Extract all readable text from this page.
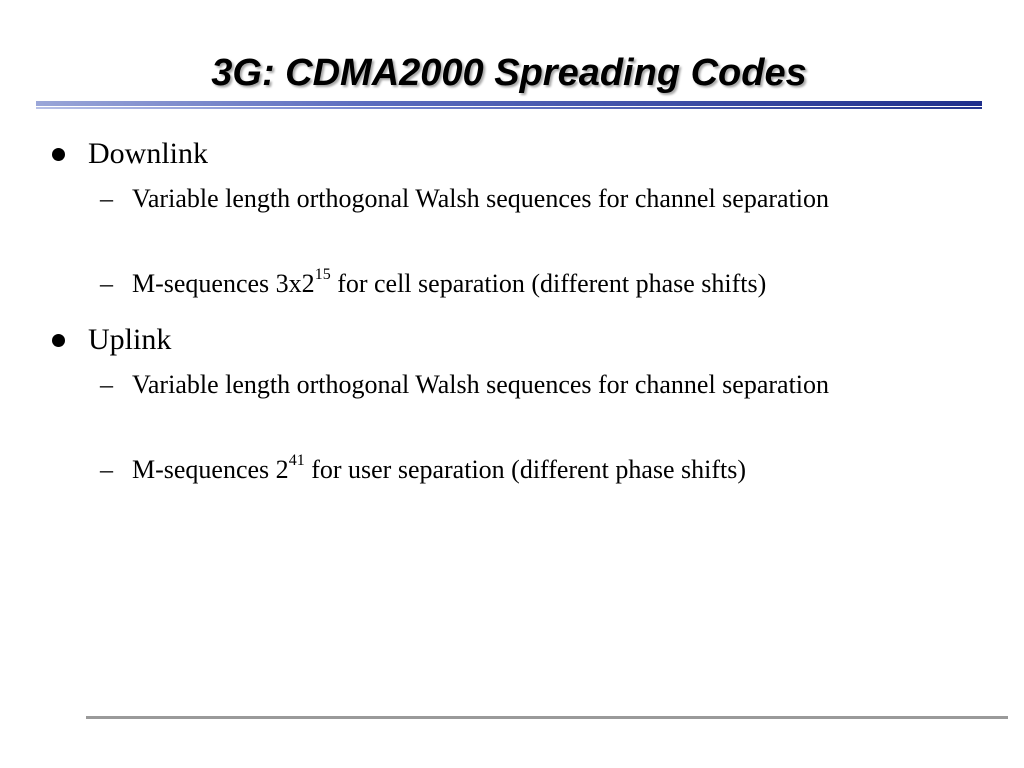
3G: CDMA2000 Spreading Codes
Downlink
– Variable length orthogonal Walsh sequences for channel separation
– M-sequences $3x2^{15}$ for cell separation (different phase shifts)
Uplink
– Variable length orthogonal Walsh sequences for channel separation
– M-sequences $2^{41}$ for user separation (different phase shifts)
